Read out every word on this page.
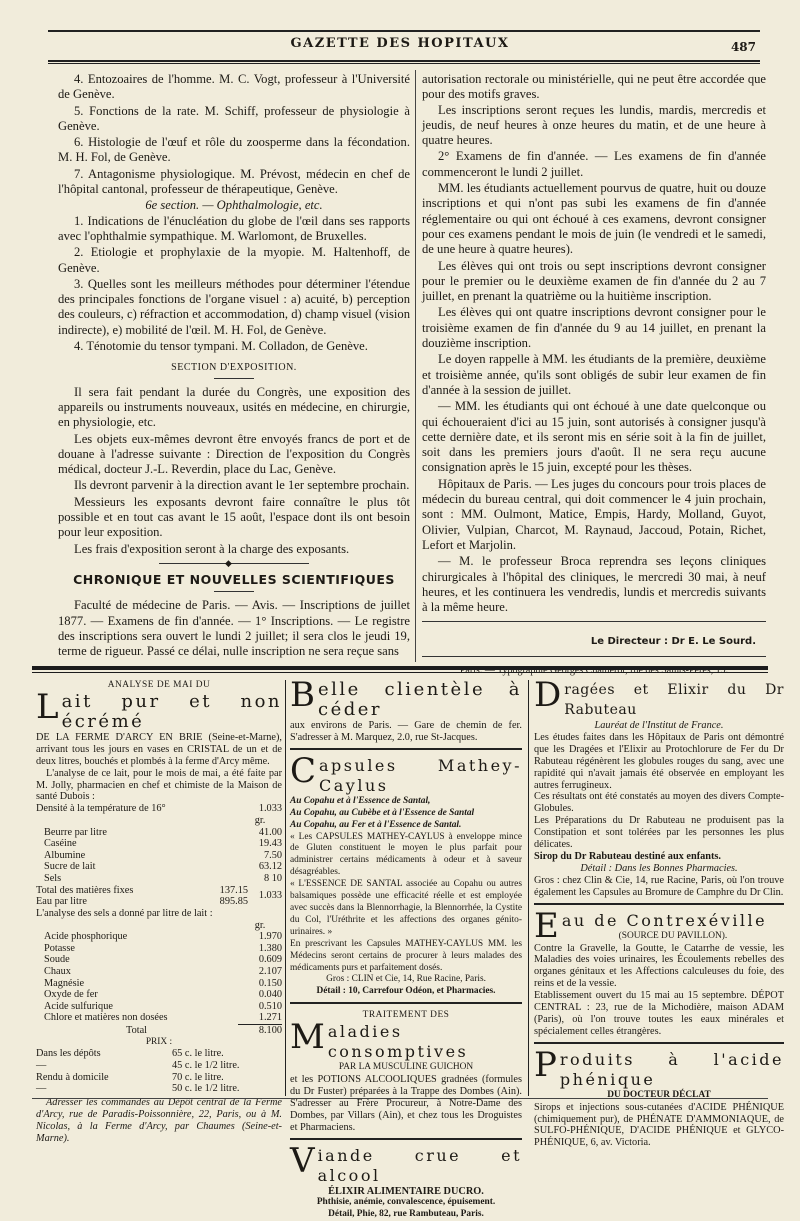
GAZETTE DES HOPITAUX	487

4. Entozoaires de l'homme. M. C. Vogt, professeur à l'Université de Genève.

5. Fonctions de la rate. M. Schiff, professeur de physiologie à Genève.

6. Histologie de l'œuf et rôle du zoosperme dans la fécondation. M. H. Fol, de Genève.

7. Antagonisme physiologique. M. Prévost, médecin en chef de l'hôpital cantonal, professeur de thérapeutique, Genève.

6e section. — Ophthalmologie, etc.

1. Indications de l'énucléation du globe de l'œil dans ses rapports avec l'ophthalmie sympathique. M. Warlomont, de Bruxelles.

2. Etiologie et prophylaxie de la myopie. M. Haltenhoff, de Genève.

3. Quelles sont les meilleurs méthodes pour déterminer l'étendue des principales fonctions de l'organe visuel : a) acuité, b) perception des couleurs, c) réfraction et accommodation, d) champ visuel (vision indirecte), e) mobilité de l'œil. M. H. Fol, de Genève.

4. Ténotomie du tensor tympani. M. Colladon, de Genève.

SECTION D'EXPOSITION.

Il sera fait pendant la durée du Congrès, une exposition des appareils ou instruments nouveaux, usités en médecine, en chirurgie, en physiologie, etc.

Les objets eux-mêmes devront être envoyés francs de port et de douane à l'adresse suivante : Direction de l'exposition du Congrès médical, docteur J.-L. Reverdin, place du Lac, Genève.

Ils devront parvenir à la direction avant le 1er septembre prochain.

Messieurs les exposants devront faire connaître le plus tôt possible et en tout cas avant le 15 août, l'espace dont ils ont besoin pour leur exposition.

Les frais d'exposition seront à la charge des exposants.

◆

CHRONIQUE ET NOUVELLES SCIENTIFIQUES

Faculté de médecine de Paris. — Avis. — Inscriptions de juillet 1877. — Examens de fin d'année. — 1° Inscriptions. — Le registre des inscriptions sera ouvert le lundi 2 juillet; il sera clos le jeudi 19, terme de rigueur. Passé ce délai, nulle inscription ne sera reçue sans

autorisation rectorale ou ministérielle, qui ne peut être accordée que pour des motifs graves.

Les inscriptions seront reçues les lundis, mardis, mercredis et jeudis, de neuf heures à onze heures du matin, et de une heure à quatre heures.

2° Examens de fin d'année. — Les examens de fin d'année commenceront le lundi 2 juillet.

MM. les étudiants actuellement pourvus de quatre, huit ou douze inscriptions et qui n'ont pas subi les examens de fin d'année réglementaire ou qui ont échoué à ces examens, devront consigner pour ces examens pendant le mois de juin (le vendredi et le samedi, de une heure à quatre heures).

Les élèves qui ont trois ou sept inscriptions devront consigner pour le premier ou le deuxième examen de fin d'année du 2 au 7 juillet, en prenant la quatrième ou la huitième inscription.

Les élèves qui ont quatre inscriptions devront consigner pour le troisième examen de fin d'année du 9 au 14 juillet, en prenant la douzième inscription.

Le doyen rappelle à MM. les étudiants de la première, deuxième et troisième année, qu'ils sont obligés de subir leur examen de fin d'année à la session de juillet.

— MM. les étudiants qui ont échoué à une date quelconque ou qui échoueraient d'ici au 15 juin, sont autorisés à consigner jusqu'à cette dernière date, et ils seront mis en série soit à la fin de juillet, soit dans les premiers jours d'août. Il ne sera reçu aucune consignation après le 15 juin, excepté pour les thèses.

Hôpitaux de Paris. — Les juges du concours pour trois places de médecin du bureau central, qui doit commencer le 4 juin prochain, sont : MM. Oulmont, Matice, Empis, Hardy, Molland, Guyot, Olivier, Vulpian, Charcot, M. Raynaud, Jaccoud, Potain, Richet, Lefort et Marjolin.

— M. le professeur Broca reprendra ses leçons cliniques chirurgicales à l'hôpital des cliniques, le mercredi 30 mai, à neuf heures, et les continuera les vendredis, lundis et mercredis suivants à la même heure.

Le Directeur : Dr E. Le Sourd.

Paris. — Typographie Georges Chamerot, rue des Saints-Pères, 19.

ANALYSE DE MAI DU

L ait pur et non écrémé

DE LA FERME D'ARCY EN BRIE (Seine-et-Marne), arrivant tous les jours en vases en CRISTAL de un et de deux litres, bouchés et plombés à la ferme d'Arcy même.

L'analyse de ce lait, pour le mois de mai, a été faite par M. Jolly, pharmacien en chef et chimiste de la Maison de santé Dubois :

Densité à la température de 16°	1.033
	gr.
Beurre par litre	41.00
Caséine	19.43
Albumine	7.50
Sucre de lait	63.12
Sels	8 10
Total des matières fixes	137.15	1.033
Eau par litre	895.85	

L'analyse des sels a donné par litre de lait :

	gr.
Acide phosphorique	1.970
Potasse	1.380
Soude	0.609
Chaux	2.107
Magnésie	0.150
Oxyde de fer	0.040
Acide sulfurique	0.510
Chlore et matières non dosées	1.271
Total	8.100

PRIX :

Dans les dépôts	65 c. le litre.
—	45 c. le 1/2 litre.
Rendu à domicile	70 c. le litre.
—	50 c. le 1/2 litre.

Adresser les commandes au Dépôt central de la Ferme d'Arcy, rue de Paradis-Poissonnière, 22, Paris, ou à M. Nicolas, à la Ferme d'Arcy, par Chaumes (Seine-et-Marne).

B elle clientèle à céder

aux environs de Paris. — Gare de chemin de fer. S'adresser à M. Marquez, 2.0, rue St-Jacques.

C apsules Mathey-Caylus

Au Copahu et à l'Essence de Santal,

Au Copahu, au Cubèbe et à l'Essence de Santal

Au Copahu, au Fer et à l'Essence de Santal.

« Les CAPSULES MATHEY-CAYLUS à enveloppe mince de Gluten constituent le moyen le plus parfait pour administrer certains médicaments à odeur et à saveur désagréables.

« L'ESSENCE DE SANTAL associée au Copahu ou autres balsamiques possède une efficacité réelle et est employée avec succès dans la Blennorrhagie, la Blennorrhée, la Cystite du Col, l'Uréthrite et les affections des organes génito-urinaires. »

En prescrivant les Capsules MATHEY-CAYLUS MM. les Médecins seront certains de procurer à leurs malades des médicaments purs et parfaitement dosés.

Gros : CLIN et Cie, 14, Rue Racine, Paris.

Détail : 10, Carrefour Odéon, et Pharmacies.

TRAITEMENT DES

M aladies consomptives

PAR LA MUSCULINE GUICHON

et les POTIONS ALCOOLIQUES gradnées (formules du Dr Fuster) préparées à la Trappe des Dombes (Ain). S'adresser au Frère Procureur, à Notre-Dame des Dombes, par Villars (Ain), et chez tous les Droguistes et Pharmaciens.

V iande crue et alcool

ÉLIXIR ALIMENTAIRE DUCRO.

Phthisie, anémie, convalescence, épuisement.

Détail, Phie, 82, rue Rambuteau, Paris.

D ragées et Elixir du Dr Rabuteau

Lauréat de l'Institut de France.

Les études faites dans les Hôpitaux de Paris ont démontré que les Dragées et l'Elixir au Protochlorure de Fer du Dr Rabuteau régénèrent les globules rouges du sang, avec une rapidité qui n'avait jamais été observée en employant les autres ferrugineux.

Ces résultats ont été constatés au moyen des divers Compte-Globules.

Les Préparations du Dr Rabuteau ne produisent pas la Constipation et sont tolérées par les personnes les plus délicates.

Sirop du Dr Rabuteau destiné aux enfants.

Détail : Dans les Bonnes Pharmacies.

Gros : chez Clin & Cie, 14, rue Racine, Paris, où l'on trouve également les Capsules au Bromure de Camphre du Dr Clin.

E au de Contrexéville

(SOURCE DU PAVILLON).

Contre la Gravelle, la Goutte, le Catarrhe de vessie, les Maladies des voies urinaires, les Écoulements rebelles des organes génitaux et les Affections calculeuses du foie, des reins et de la vessie.

Etablissement ouvert du 15 mai au 15 septembre. DÉPOT CENTRAL : 23, rue de la Michodière, maison ADAM (Paris), où l'on trouve toutes les eaux minérales et spécialement celles étrangères.

P roduits à l'acide phénique

DU DOCTEUR DÉCLAT

Sirops et injections sous-cutanées d'ACIDE PHÉNIQUE (chimiquement pur), de PHÉNATE D'AMMONIAQUE, de SULFO-PHÉNIQUE, D'ACIDE PHÉNIQUE et GLYCO-PHÉNIQUE, 6, av. Victoria.
